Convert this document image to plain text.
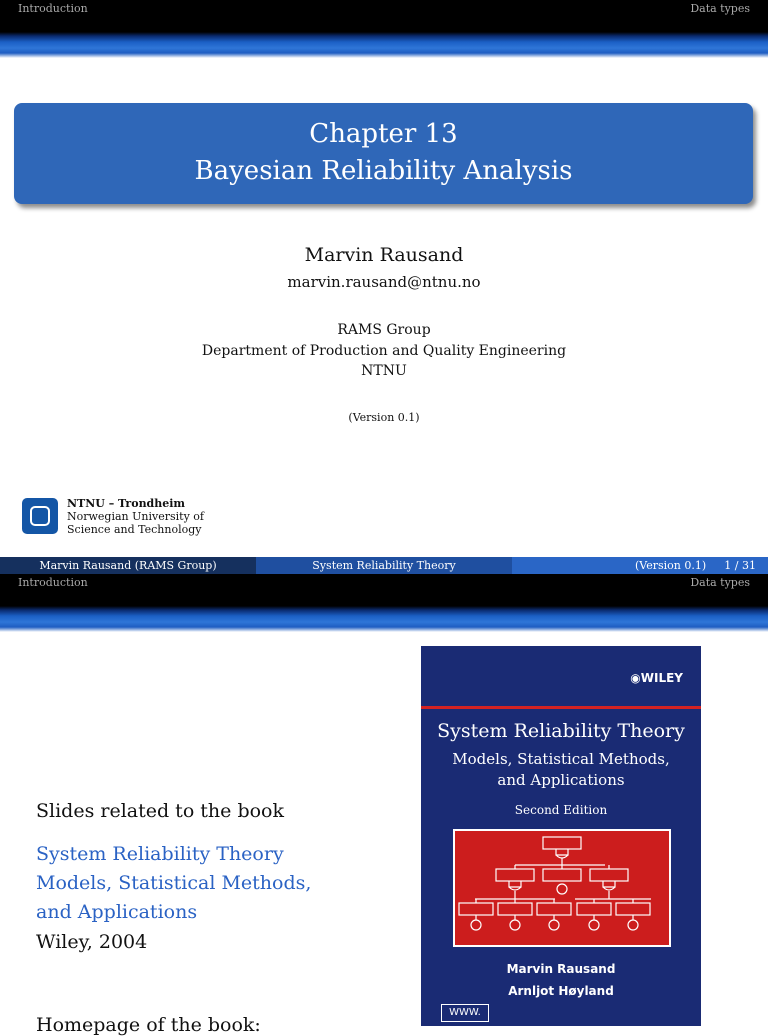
Introduction	Data types
Chapter 13
Bayesian Reliability Analysis
Marvin Rausand
marvin.rausand@ntnu.no
RAMS Group
Department of Production and Quality Engineering
NTNU
(Version 0.1)
NTNU – Trondheim
Norwegian University of
Science and Technology
Marvin Rausand (RAMS Group)	System Reliability Theory	(Version 0.1) 1 / 31
Introduction	Data types
Slides related to the book
System Reliability Theory
Models, Statistical Methods,
and Applications
Wiley, 2004
Homepage of the book:
◉WILEY
System Reliability Theory
Models, Statistical Methods,
and Applications
Second Edition
Marvin Rausand
Arnljot Høyland
WWW.
